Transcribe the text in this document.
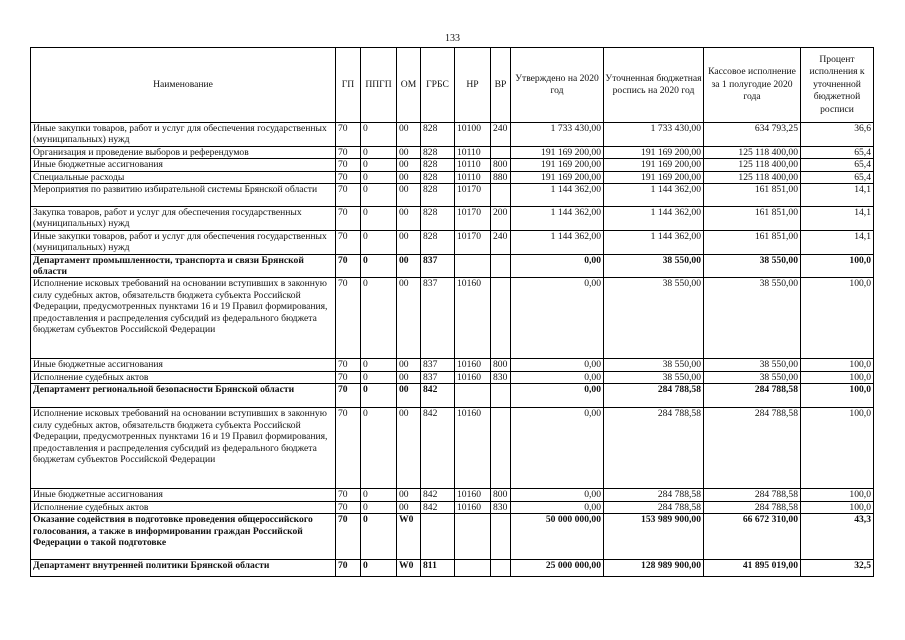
133
Наименование	ГП	ППГП	ОМ	ГРБС	НР	ВР	Утверждено на 2020 год	Уточненная бюджетная роспись на 2020 год	Кассовое исполнение за 1 полугодие 2020 года	Процент исполнения к уточненной бюджетной росписи
Иные закупки товаров, работ и услуг для обеспечения государственных (муниципальных) нужд	70	0	00	828	10100	240	1 733 430,00	1 733 430,00	634 793,25	36,6
Организация и проведение выборов и референдумов	70	0	00	828	10110		191 169 200,00	191 169 200,00	125 118 400,00	65,4
Иные бюджетные ассигнования	70	0	00	828	10110	800	191 169 200,00	191 169 200,00	125 118 400,00	65,4
Специальные расходы	70	0	00	828	10110	880	191 169 200,00	191 169 200,00	125 118 400,00	65,4
Мероприятия по развитию избирательной системы Брянской области	70	0	00	828	10170		1 144 362,00	1 144 362,00	161 851,00	14,1
Закупка товаров, работ и услуг для обеспечения государственных (муниципальных) нужд	70	0	00	828	10170	200	1 144 362,00	1 144 362,00	161 851,00	14,1
Иные закупки товаров, работ и услуг для обеспечения государственных (муниципальных) нужд	70	0	00	828	10170	240	1 144 362,00	1 144 362,00	161 851,00	14,1
Департамент промышленности, транспорта и связи Брянской области	70	0	00	837			0,00	38 550,00	38 550,00	100,0
Исполнение исковых требований на основании вступивших в законную силу судебных актов, обязательств бюджета субъекта Российской Федерации, предусмотренных пунктами 16 и 19 Правил формирования, предоставления и распределения субсидий из федерального бюджета бюджетам субъектов Российской Федерации	70	0	00	837	10160		0,00	38 550,00	38 550,00	100,0
Иные бюджетные ассигнования	70	0	00	837	10160	800	0,00	38 550,00	38 550,00	100,0
Исполнение судебных актов	70	0	00	837	10160	830	0,00	38 550,00	38 550,00	100,0
Департамент региональной безопасности Брянской области	70	0	00	842			0,00	284 788,58	284 788,58	100,0
Исполнение исковых требований на основании вступивших в законную силу судебных актов, обязательств бюджета субъекта Российской Федерации, предусмотренных пунктами 16 и 19 Правил формирования, предоставления и распределения субсидий из федерального бюджета бюджетам субъектов Российской Федерации	70	0	00	842	10160		0,00	284 788,58	284 788,58	100,0
Иные бюджетные ассигнования	70	0	00	842	10160	800	0,00	284 788,58	284 788,58	100,0
Исполнение судебных актов	70	0	00	842	10160	830	0,00	284 788,58	284 788,58	100,0
Оказание содействия в подготовке проведения общероссийского голосования, а также в информировании граждан Российской Федерации о такой подготовке	70	0	W0				50 000 000,00	153 989 900,00	66 672 310,00	43,3
Департамент внутренней политики Брянской области	70	0	W0	811			25 000 000,00	128 989 900,00	41 895 019,00	32,5
